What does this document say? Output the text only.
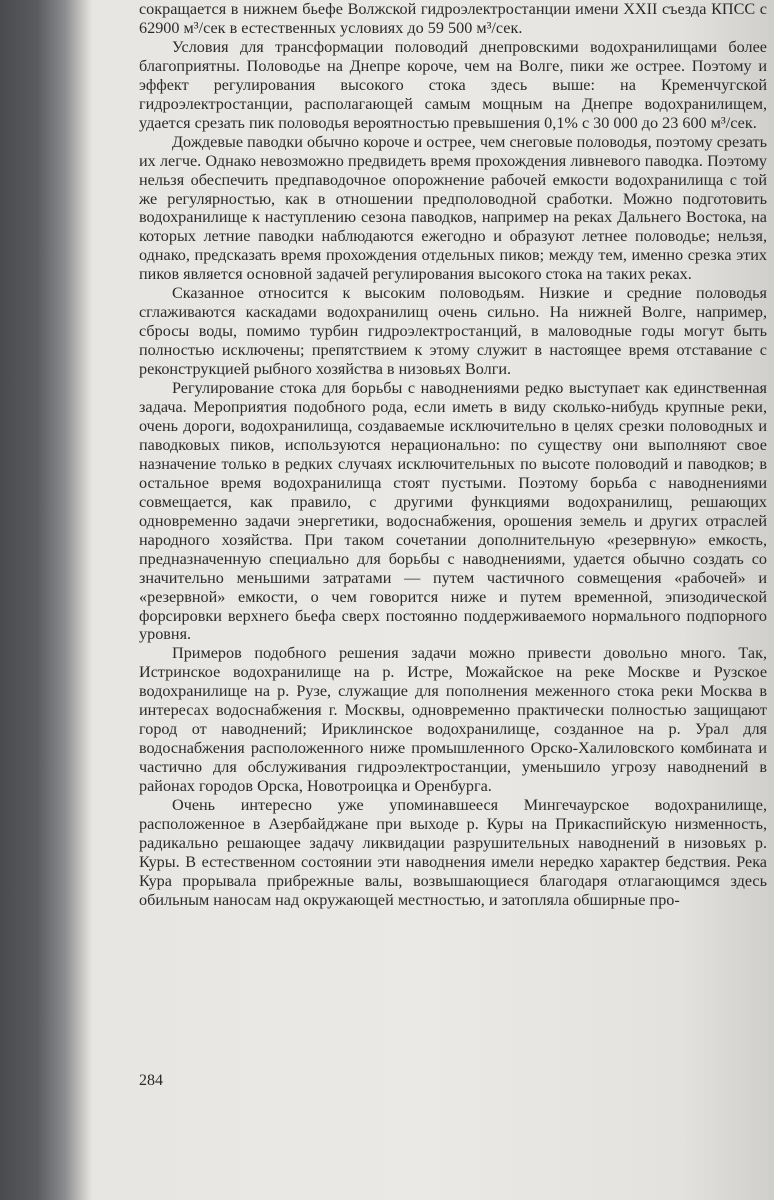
сокращается в нижнем бьефе Волжской гидроэлектростанции имени XXII съезда КПСС с 62900 м³/сек в естественных условиях до 59 500 м³/сек.

Условия для трансформации половодий днепровскими водохранилищами более благоприятны. Половодье на Днепре короче, чем на Волге, пики же острее. Поэтому и эффект регулирования высокого стока здесь выше: на Кременчугской гидроэлектростанции, располагающей самым мощным на Днепре водохранилищем, удается срезать пик половодья вероятностью превышения 0,1% с 30 000 до 23 600 м³/сек.

Дождевые паводки обычно короче и острее, чем снеговые половодья, поэтому срезать их легче. Однако невозможно предвидеть время прохождения ливневого паводка. Поэтому нельзя обеспечить предпаводочное опорожнение рабочей емкости водохранилища с той же регулярностью, как в отношении предполоводной сработки. Можно подготовить водохранилище к наступлению сезона паводков, например на реках Дальнего Востока, на которых летние паводки наблюдаются ежегодно и образуют летнее половодье; нельзя, однако, предсказать время прохождения отдельных пиков; между тем, именно срезка этих пиков является основной задачей регулирования высокого стока на таких реках.

Сказанное относится к высоким половодьям. Низкие и средние половодья сглаживаются каскадами водохранилищ очень сильно. На нижней Волге, например, сбросы воды, помимо турбин гидроэлектростанций, в маловодные годы могут быть полностью исключены; препятствием к этому служит в настоящее время отставание с реконструкцией рыбного хозяйства в низовьях Волги.

Регулирование стока для борьбы с наводнениями редко выступает как единственная задача. Мероприятия подобного рода, если иметь в виду сколько-нибудь крупные реки, очень дороги, водохранилища, создаваемые исключительно в целях срезки половодных и паводковых пиков, используются нерационально: по существу они выполняют свое назначение только в редких случаях исключительных по высоте половодий и паводков; в остальное время водохранилища стоят пустыми. Поэтому борьба с наводнениями совмещается, как правило, с другими функциями водохранилищ, решающих одновременно задачи энергетики, водоснабжения, орошения земель и других отраслей народного хозяйства. При таком сочетании дополнительную «резервную» емкость, предназначенную специально для борьбы с наводнениями, удается обычно создать со значительно меньшими затратами — путем частичного совмещения «рабочей» и «резервной» емкости, о чем говорится ниже и путем временной, эпизодической форсировки верхнего бьефа сверх постоянно поддерживаемого нормального подпорного уровня.

Примеров подобного решения задачи можно привести довольно много. Так, Истринское водохранилище на р. Истре, Можайское на реке Москве и Рузское водохранилище на р. Рузе, служащие для пополнения меженного стока реки Москва в интересах водоснабжения г. Москвы, одновременно практически полностью защищают город от наводнений; Ириклинское водохранилище, созданное на р. Урал для водоснабжения расположенного ниже промышленного Орско-Халиловского комбината и частично для обслуживания гидроэлектростанции, уменьшило угрозу наводнений в районах городов Орска, Новотроицка и Оренбурга.

Очень интересно уже упоминавшееся Мингечаурское водохранилище, расположенное в Азербайджане при выходе р. Куры на Прикаспийскую низменность, радикально решающее задачу ликвидации разрушительных наводнений в низовьях р. Куры. В естественном состоянии эти наводнения имели нередко характер бедствия. Река Кура прорывала прибрежные валы, возвышающиеся благодаря отлагающимся здесь обильным наносам над окружающей местностью, и затопляла обширные про-

284
